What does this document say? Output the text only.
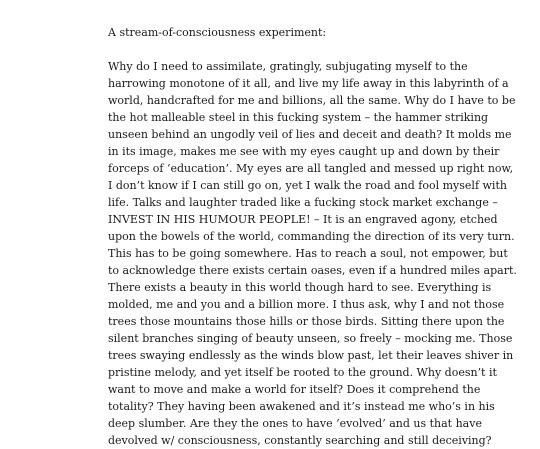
A stream-of-consciousness experiment:

Why do I need to assimilate, gratingly, subjugating myself to the
harrowing monotone of it all, and live my life away in this labyrinth of a
world, handcrafted for me and billions, all the same. Why do I have to be
the hot malleable steel in this fucking system – the hammer striking
unseen behind an ungodly veil of lies and deceit and death? It molds me
in its image, makes me see with my eyes caught up and down by their
forceps of ‘education’. My eyes are all tangled and messed up right now,
I don’t know if I can still go on, yet I walk the road and fool myself with
life. Talks and laughter traded like a fucking stock market exchange –
INVEST IN HIS HUMOUR PEOPLE! – It is an engraved agony, etched
upon the bowels of the world, commanding the direction of its very turn.
This has to be going somewhere. Has to reach a soul, not empower, but
to acknowledge there exists certain oases, even if a hundred miles apart.
There exists a beauty in this world though hard to see. Everything is
molded, me and you and a billion more. I thus ask, why I and not those
trees those mountains those hills or those birds. Sitting there upon the
silent branches singing of beauty unseen, so freely – mocking me. Those
trees swaying endlessly as the winds blow past, let their leaves shiver in
pristine melody, and yet itself be rooted to the ground. Why doesn’t it
want to move and make a world for itself? Does it comprehend the
totality? They having been awakened and it’s instead me who’s in his
deep slumber. Are they the ones to have ‘evolved’ and us that have
devolved w/ consciousness, constantly searching and still deceiving?
